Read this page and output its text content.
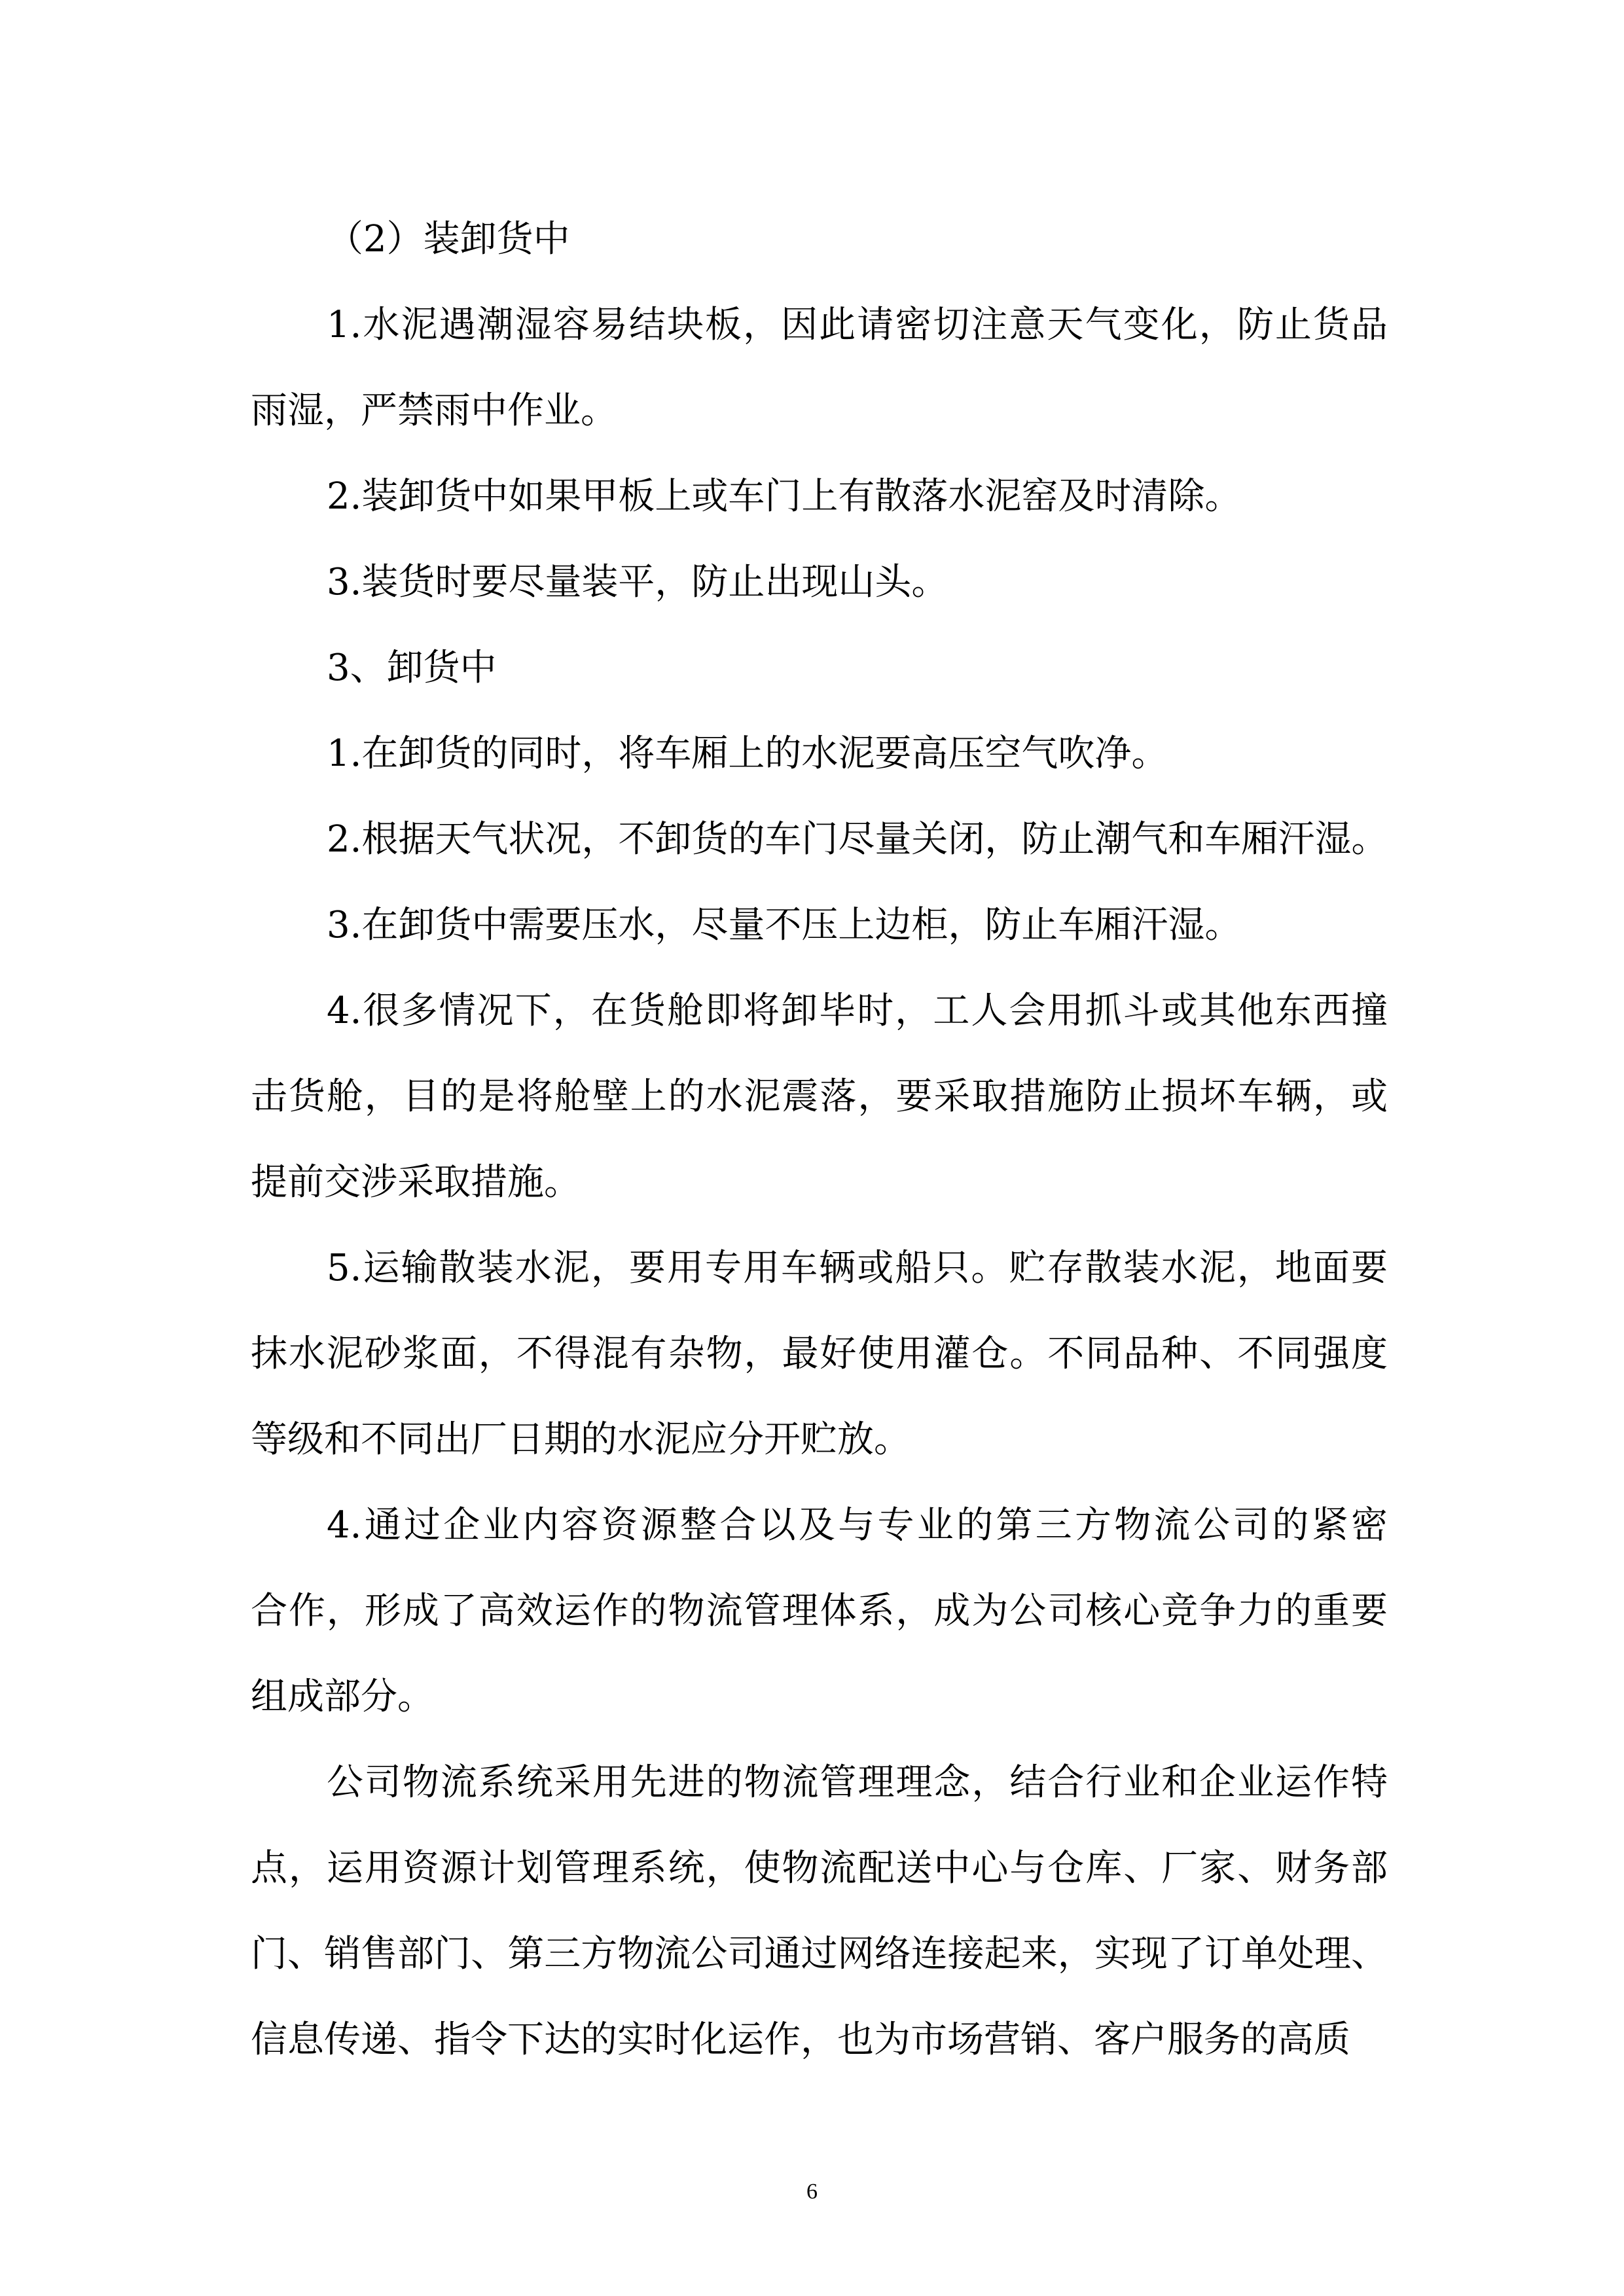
（2）装卸货中
1.水泥遇潮湿容易结块板，因此请密切注意天气变化，防止货品
雨湿，严禁雨中作业。
2.装卸货中如果甲板上或车门上有散落水泥窑及时清除。
3.装货时要尽量装平，防止出现山头。
3、卸货中
1.在卸货的同时，将车厢上的水泥要高压空气吹净。
2.根据天气状况，不卸货的车门尽量关闭，防止潮气和车厢汗湿。
3.在卸货中需要压水，尽量不压上边柜，防止车厢汗湿。
4.很多情况下，在货舱即将卸毕时，工人会用抓斗或其他东西撞
击货舱，目的是将舱壁上的水泥震落，要采取措施防止损坏车辆，或
提前交涉采取措施。
5.运输散装水泥，要用专用车辆或船只。贮存散装水泥，地面要
抹水泥砂浆面，不得混有杂物，最好使用灌仓。不同品种、不同强度
等级和不同出厂日期的水泥应分开贮放。
4.通过企业内容资源整合以及与专业的第三方物流公司的紧密
合作，形成了高效运作的物流管理体系，成为公司核心竞争力的重要
组成部分。
公司物流系统采用先进的物流管理理念，结合行业和企业运作特
点，运用资源计划管理系统，使物流配送中心与仓库、厂家、财务部
门、销售部门、第三方物流公司通过网络连接起来，实现了订单处理、
信息传递、指令下达的实时化运作，也为市场营销、客户服务的高质
6
